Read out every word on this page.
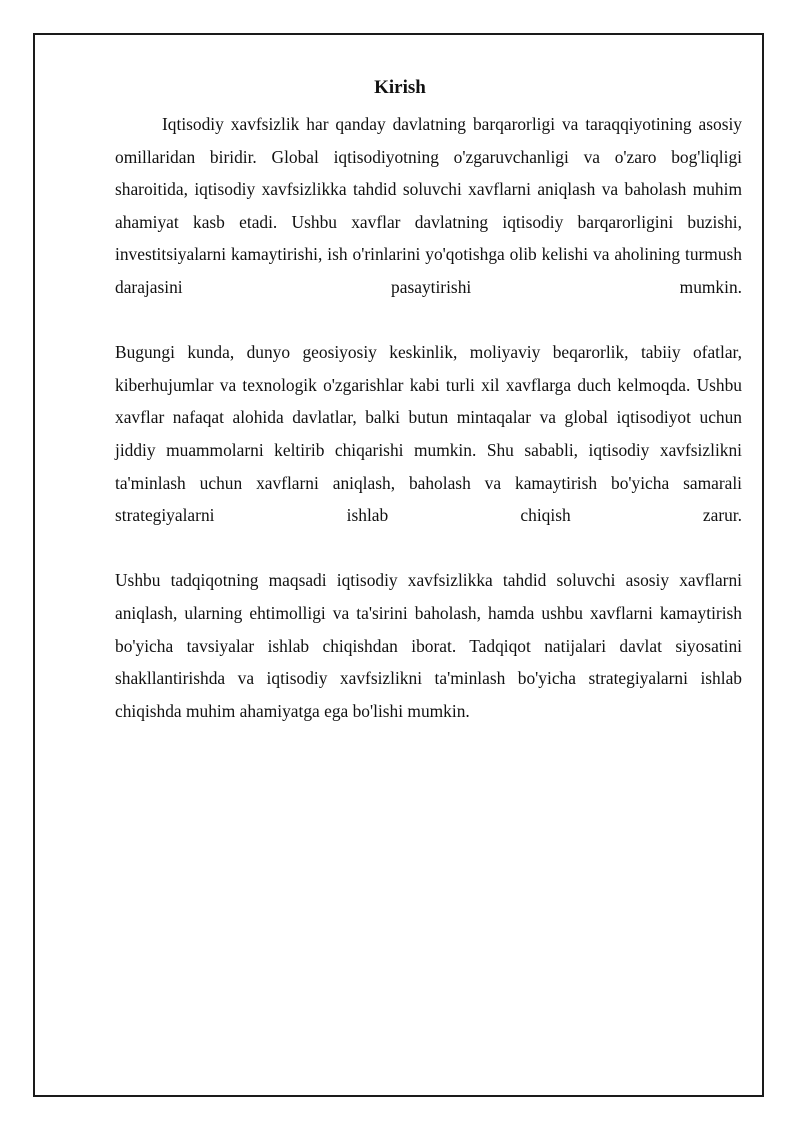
Kirish

Iqtisodiy xavfsizlik har qanday davlatning barqarorligi va taraqqiyotining asosiy omillaridan biridir. Global iqtisodiyotning o'zgaruvchanligi va o'zaro bog'liqligi sharoitida, iqtisodiy xavfsizlikka tahdid soluvchi xavflarni aniqlash va baholash muhim ahamiyat kasb etadi. Ushbu xavflar davlatning iqtisodiy barqarorligini buzishi, investitsiyalarni kamaytirishi, ish o'rinlarini yo'qotishga olib kelishi va aholining turmush darajasini pasaytirishi mumkin.

Bugungi kunda, dunyo geosiyosiy keskinlik, moliyaviy beqarorlik, tabiiy ofatlar, kiberhujumlar va texnologik o'zgarishlar kabi turli xil xavflarga duch kelmoqda. Ushbu xavflar nafaqat alohida davlatlar, balki butun mintaqalar va global iqtisodiyot uchun jiddiy muammolarni keltirib chiqarishi mumkin. Shu sababli, iqtisodiy xavfsizlikni ta'minlash uchun xavflarni aniqlash, baholash va kamaytirish bo'yicha samarali strategiyalarni ishlab chiqish zarur.

Ushbu tadqiqotning maqsadi iqtisodiy xavfsizlikka tahdid soluvchi asosiy xavflarni aniqlash, ularning ehtimolligi va ta'sirini baholash, hamda ushbu xavflarni kamaytirish bo'yicha tavsiyalar ishlab chiqishdan iborat. Tadqiqot natijalari davlat siyosatini shakllantirishda va iqtisodiy xavfsizlikni ta'minlash bo'yicha strategiyalarni ishlab chiqishda muhim ahamiyatga ega bo'lishi mumkin.
